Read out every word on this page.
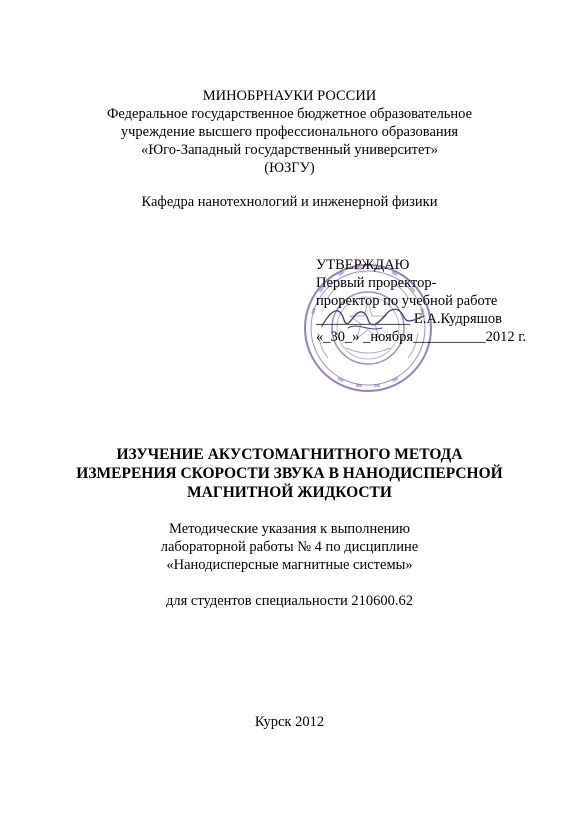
МИНОБРНАУКИ РОССИИ
Федеральное государственное бюджетное образовательное
учреждение высшего профессионального образования
«Юго-Западный государственный университет»
(ЮЗГУ)
Кафедра нанотехнологий и инженерной физики
УТВЕРЖДАЮ
Первый проректор-
проректор по учебной работе
_____________ Е.А.Кудряшов
«_30_» _ноября__________2012 г.
ИЗУЧЕНИЕ АКУСТОМАГНИТНОГО МЕТОДА
ИЗМЕРЕНИЯ СКОРОСТИ ЗВУКА В НАНОДИСПЕРСНОЙ
МАГНИТНОЙ ЖИДКОСТИ
Методические указания к выполнению
лабораторной работы № 4 по дисциплине
«Нанодисперсные магнитные системы»
для студентов специальности 210600.62
Курск 2012
